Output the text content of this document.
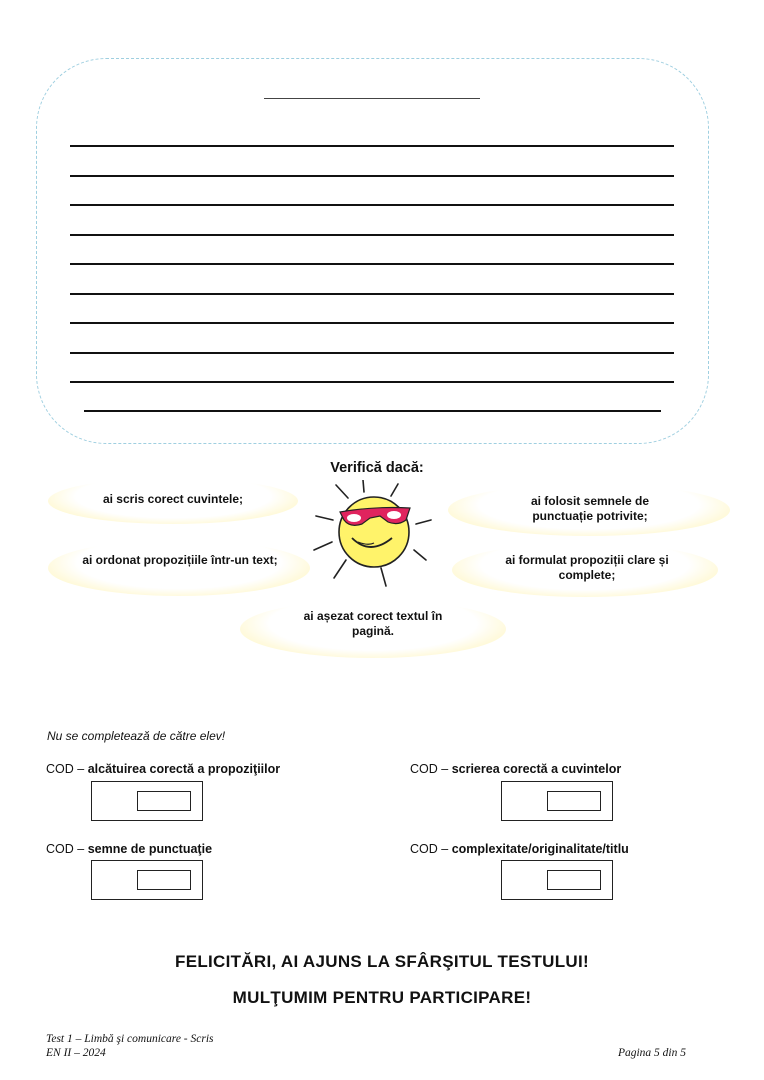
Verifică dacă:
ai scris corect cuvintele;
ai ordonat propozițiile într-un text;
ai așezat corect textul în pagină.
ai folosit semnele de punctuație potrivite;
ai formulat propoziții clare și complete;
Nu se completează de către elev!
COD – alcătuirea corectă a propoziţiilor	COD – scrierea corectă a cuvintelor
COD – semne de punctuaţie	COD – complexitate/originalitate/titlu
FELICITĂRI, AI AJUNS LA SFÂRŞITUL TESTULUI!
MULŢUMIM PENTRU PARTICIPARE!
Test 1 – Limbă şi comunicare - Scris
EN II – 2024	Pagina 5 din 5
